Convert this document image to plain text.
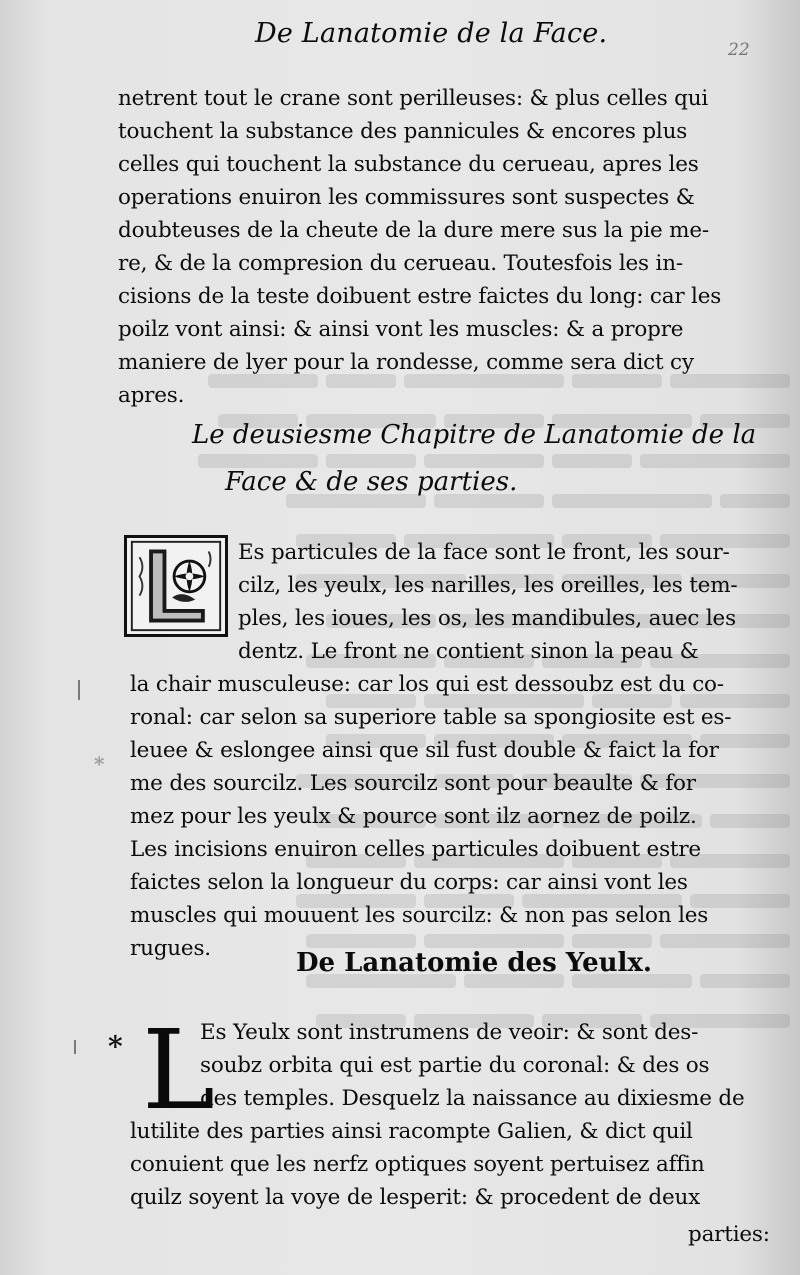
De Lanatomie de la Face.
22
netrent tout le crane sont perilleuses: & plus celles qui
touchent la substance des pannicules & encores plus
celles qui touchent la substance du cerueau, apres les
operations enuiron les commissures sont suspectes &
doubteuses de la cheute de la dure mere sus la pie me-
re, & de la compresion du cerueau. Toutesfois les in-
cisions de la teste doibuent estre faictes du long: car les
poilz vont ainsi: & ainsi vont les muscles: & a propre
maniere de lyer pour la rondesse, comme sera dict cy
apres.
Le deusiesme Chapitre de Lanatomie de la
Face & de ses parties.
Es particules de la face sont le front, les sour-
cilz, les yeulx, les narilles, les oreilles, les tem-
ples, les ioues, les os, les mandibules, auec les
dentz. Le front ne contient sinon la peau &
la chair musculeuse: car los qui est dessoubz est du co-
ronal: car selon sa superiore table sa spongiosite est es-
leuee & eslongee ainsi que sil fust double & faict la for
me des sourcilz. Les sourcilz sont pour beaulte & for
mez pour les yeulx & pource sont ilz aornez de poilz.
Les incisions enuiron celles particules doibuent estre
faictes selon la longueur du corps: car ainsi vont les
muscles qui mouuent les sourcilz: & non pas selon les
rugues.	De Lanatomie des Yeulx.
L
Es Yeulx sont instrumens de veoir: & sont des-
soubz orbita qui est partie du coronal: & des os
des temples. Desquelz la naissance au dixiesme de
lutilite des parties ainsi racompte Galien, & dict quil
conuient que les nerfz optiques soyent pertuisez affin
quilz soyent la voye de lesperit: & procedent de deux
parties:
*
*
